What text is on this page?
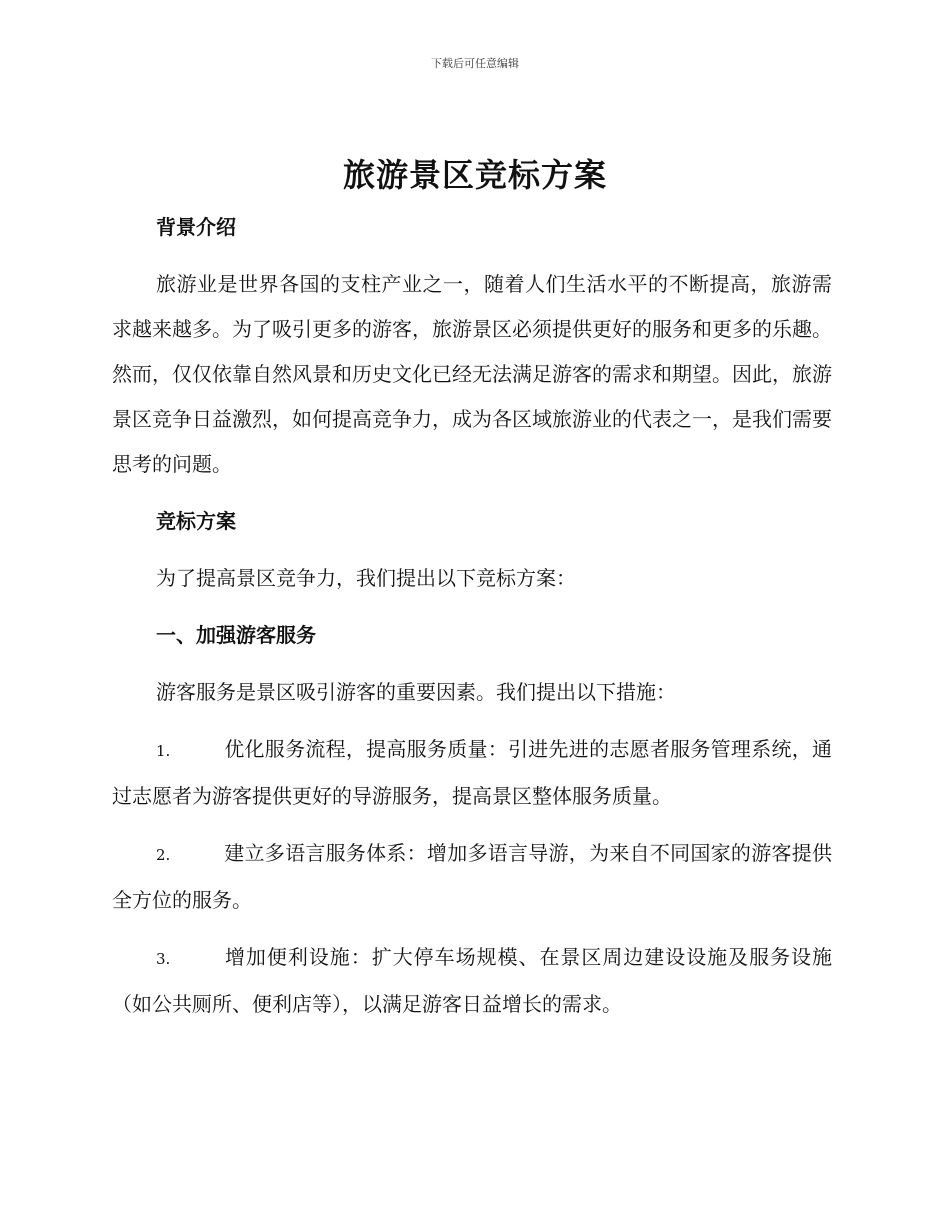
下载后可任意编辑
旅游景区竞标方案

背景介绍

旅游业是世界各国的支柱产业之一，随着人们生活水平的不断提高，旅游需求越来越多。为了吸引更多的游客，旅游景区必须提供更好的服务和更多的乐趣。然而，仅仅依靠自然风景和历史文化已经无法满足游客的需求和期望。因此，旅游景区竞争日益激烈，如何提高竞争力，成为各区域旅游业的代表之一，是我们需要思考的问题。

竞标方案

为了提高景区竞争力，我们提出以下竞标方案：

一、加强游客服务

游客服务是景区吸引游客的重要因素。我们提出以下措施：

1.	优化服务流程，提高服务质量：引进先进的志愿者服务管理系统，通过志愿者为游客提供更好的导游服务，提高景区整体服务质量。

2.	建立多语言服务体系：增加多语言导游，为来自不同国家的游客提供全方位的服务。

3.	增加便利设施：扩大停车场规模、在景区周边建设设施及服务设施（如公共厕所、便利店等），以满足游客日益增长的需求。
